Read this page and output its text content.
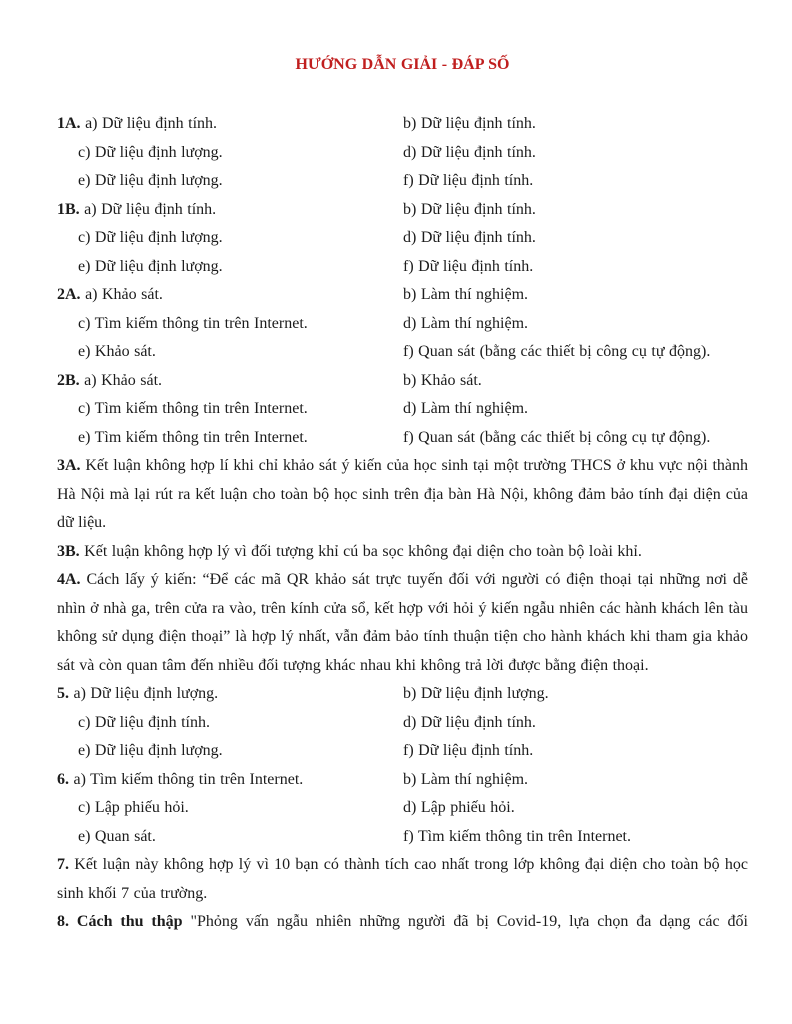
HƯỚNG DẪN GIẢI - ĐÁP SỐ
1A. a) Dữ liệu định tính.	b) Dữ liệu định tính.
c) Dữ liệu định lượng.	d) Dữ liệu định tính.
e) Dữ liệu định lượng.	f) Dữ liệu định tính.
1B. a) Dữ liệu định tính.	b) Dữ liệu định tính.
c) Dữ liệu định lượng.	d) Dữ liệu định tính.
e) Dữ liệu định lượng.	f) Dữ liệu định tính.
2A. a) Khảo sát.	b) Làm thí nghiệm.
c) Tìm kiếm thông tin trên Internet.	d) Làm thí nghiệm.
e) Khảo sát.	f) Quan sát (bằng các thiết bị công cụ tự động).
2B. a) Khảo sát.	b) Khảo sát.
c) Tìm kiếm thông tin trên Internet.	d) Làm thí nghiệm.
e) Tìm kiếm thông tin trên Internet.	f) Quan sát (bằng các thiết bị công cụ tự động).

3A. Kết luận không hợp lí khi chỉ khảo sát ý kiến của học sinh tại một trường THCS ở khu vực nội thành Hà Nội mà lại rút ra kết luận cho toàn bộ học sinh trên địa bàn Hà Nội, không đảm bảo tính đại diện của dữ liệu.

3B. Kết luận không hợp lý vì đối tượng khỉ cú ba sọc không đại diện cho toàn bộ loài khỉ.

4A. Cách lấy ý kiến: “Để các mã QR khảo sát trực tuyến đối với người có điện thoại tại những nơi dễ nhìn ở nhà ga, trên cửa ra vào, trên kính cửa sổ, kết hợp với hỏi ý kiến ngẫu nhiên các hành khách lên tàu không sử dụng điện thoại” là hợp lý nhất, vẫn đảm bảo tính thuận tiện cho hành khách khi tham gia khảo sát và còn quan tâm đến nhiều đối tượng khác nhau khi không trả lời được bằng điện thoại.

5. a) Dữ liệu định lượng.	b) Dữ liệu định lượng.
c) Dữ liệu định tính.	d) Dữ liệu định tính.
e) Dữ liệu định lượng.	f) Dữ liệu định tính.
6. a) Tìm kiếm thông tin trên Internet.	b) Làm thí nghiệm.
c) Lập phiếu hỏi.	d) Lập phiếu hỏi.
e) Quan sát.	f) Tìm kiếm thông tin trên Internet.

7. Kết luận này không hợp lý vì 10 bạn có thành tích cao nhất trong lớp không đại diện cho toàn bộ học sinh khối 7 của trường.

8. Cách thu thập "Phỏng vấn ngẫu nhiên những người đã bị Covid-19, lựa chọn đa dạng các đối
